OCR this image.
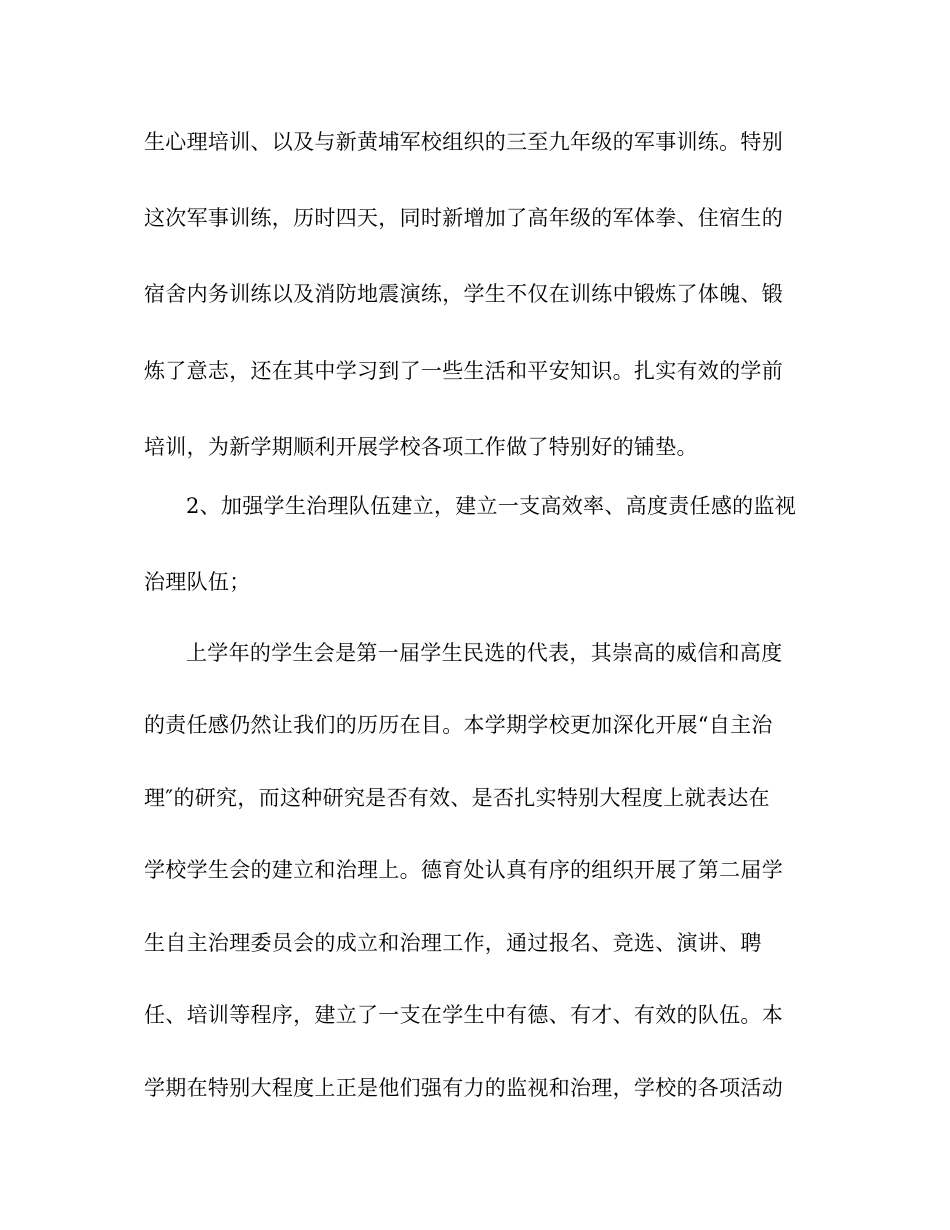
生心理培训、以及与新黄埔军校组织的三至九年级的军事训练。特别
这次军事训练，历时四天，同时新增加了高年级的军体拳、住宿生的
宿舍内务训练以及消防地震演练，学生不仅在训练中锻炼了体魄、锻
炼了意志，还在其中学习到了一些生活和平安知识。扎实有效的学前
培训，为新学期顺利开展学校各项工作做了特别好的铺垫。
2、加强学生治理队伍建立，建立一支高效率、高度责任感的监视
治理队伍；
上学年的学生会是第一届学生民选的代表，其崇高的威信和高度
的责任感仍然让我们的历历在目。本学期学校更加深化开展“自主治
理″的研究，而这种研究是否有效、是否扎实特别大程度上就表达在
学校学生会的建立和治理上。德育处认真有序的组织开展了第二届学
生自主治理委员会的成立和治理工作，通过报名、竞选、演讲、聘
任、培训等程序，建立了一支在学生中有德、有才、有效的队伍。本
学期在特别大程度上正是他们强有力的监视和治理，学校的各项活动
